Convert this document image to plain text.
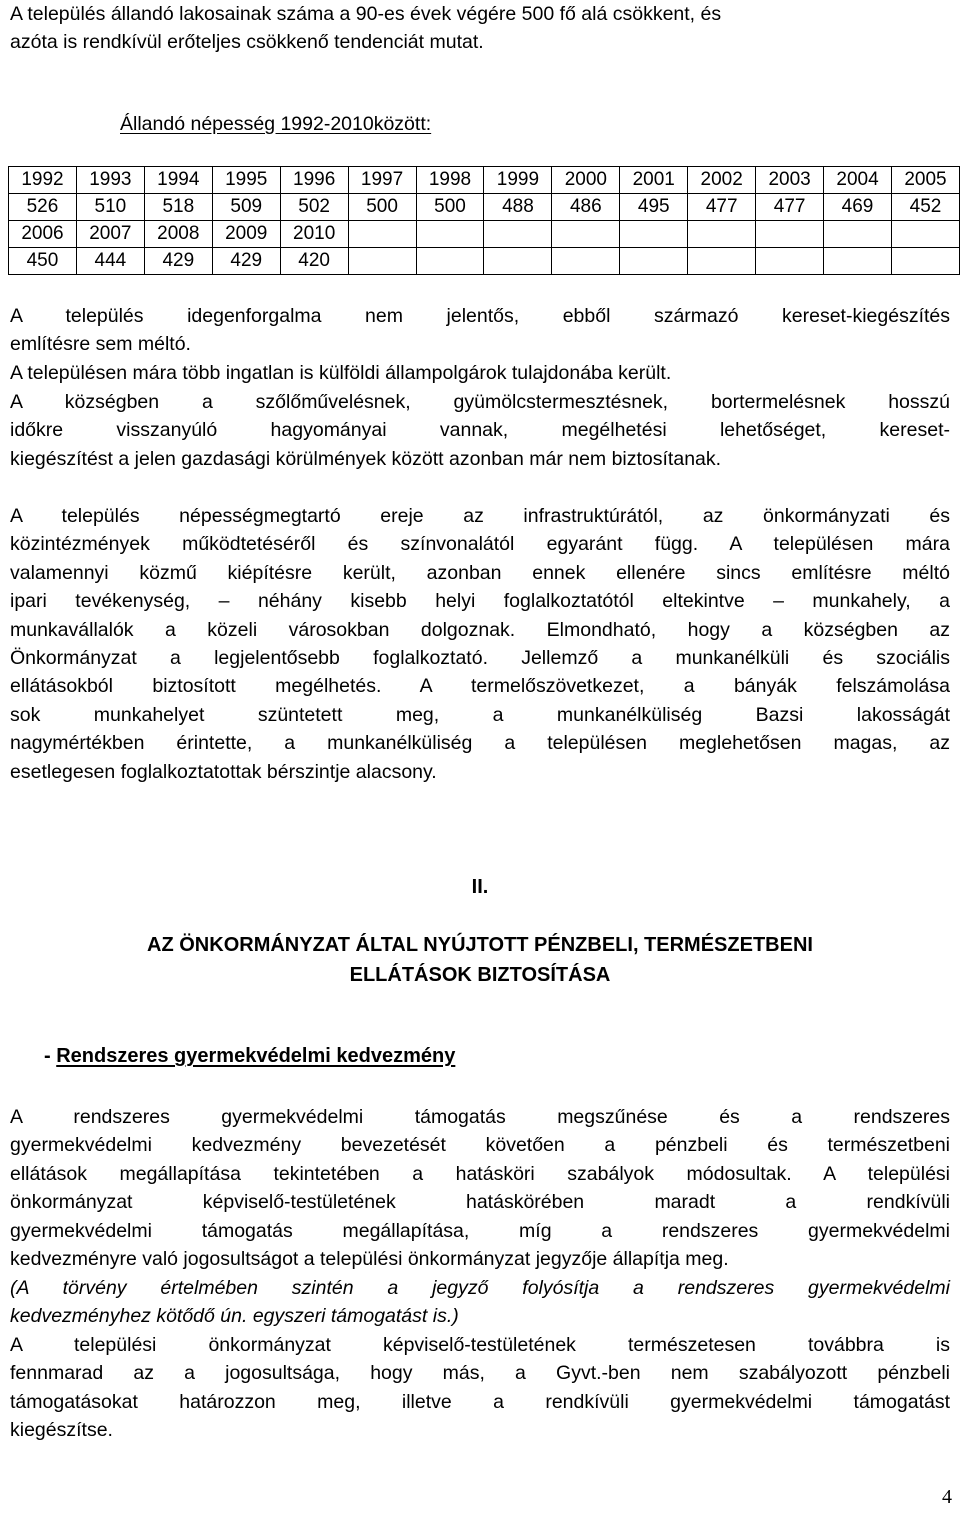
A település állandó lakosainak száma a 90-es évek végére 500 fő alá csökkent, és
azóta is rendkívül erőteljes csökkenő tendenciát mutat.
Állandó népesség 1992-2010között:
1992	1993	1994	1995	1996	1997	1998	1999	2000	2001	2002	2003	2004	2005
526	510	518	509	502	500	500	488	486	495	477	477	469	452
2006	2007	2008	2009	2010									
450	444	429	429	420									
A település idegenforgalma nem jelentős, ebből származó kereset-kiegészítés
említésre sem méltó.
A településen mára több ingatlan is külföldi állampolgárok tulajdonába került.
A községben a szőlőművelésnek, gyümölcstermesztésnek, bortermelésnek hosszú
időkre visszanyúló hagyományai vannak, megélhetési lehetőséget, kereset-
kiegészítést a jelen gazdasági körülmények között azonban már nem biztosítanak.
A település népességmegtartó ereje az infrastruktúrától, az önkormányzati és
közintézmények működtetéséről és színvonalától egyaránt függ. A településen mára
valamennyi közmű kiépítésre került, azonban ennek ellenére sincs említésre méltó
ipari tevékenység, – néhány kisebb helyi foglalkoztatótól eltekintve – munkahely, a
munkavállalók a közeli városokban dolgoznak. Elmondható, hogy a községben az
Önkormányzat a legjelentősebb foglalkoztató. Jellemző a munkanélküli és szociális
ellátásokból biztosított megélhetés. A termelőszövetkezet, a bányák felszámolása
sok munkahelyet szüntetett meg, a munkanélküliség Bazsi lakosságát
nagymértékben érintette, a munkanélküliség a településen meglehetősen magas, az
esetlegesen foglalkoztatottak bérszintje alacsony.
II.
AZ ÖNKORMÁNYZAT ÁLTAL NYÚJTOTT PÉNZBELI, TERMÉSZETBENI
ELLÁTÁSOK BIZTOSÍTÁSA
- Rendszeres gyermekvédelmi kedvezmény
A rendszeres gyermekvédelmi támogatás megszűnése és a rendszeres
gyermekvédelmi kedvezmény bevezetését követően a pénzbeli és természetbeni
ellátások megállapítása tekintetében a hatásköri szabályok módosultak. A települési
önkormányzat képviselő-testületének hatáskörében maradt a rendkívüli
gyermekvédelmi támogatás megállapítása, míg a rendszeres gyermekvédelmi
kedvezményre való jogosultságot a települési önkormányzat jegyzője állapítja meg.
(A törvény értelmében szintén a jegyző folyósítja a rendszeres gyermekvédelmi
kedvezményhez kötődő ún. egyszeri támogatást is.)
A települési önkormányzat képviselő-testületének természetesen továbbra is
fennmarad az a jogosultsága, hogy más, a Gyvt.-ben nem szabályozott pénzbeli
támogatásokat határozzon meg, illetve a rendkívüli gyermekvédelmi támogatást
kiegészítse.
4
